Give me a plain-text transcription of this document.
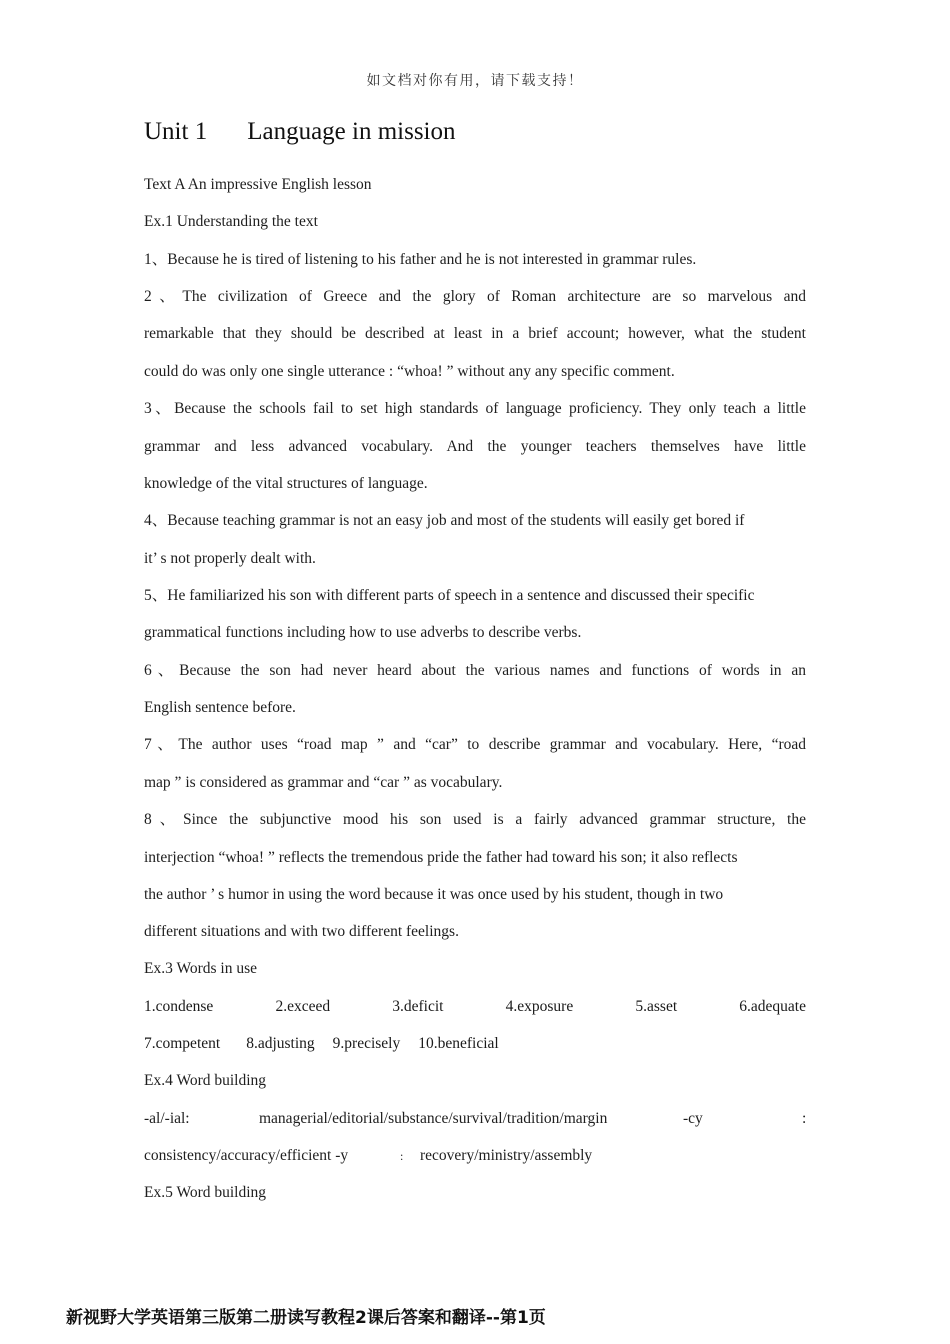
如文档对你有用，请下载支持！
Unit 1 Language in mission
Text A An impressive English lesson
Ex.1 Understanding the text
1、Because he is tired of listening to his father and he is not interested in grammar rules.
2、The civilization of Greece and the glory of Roman architecture are so marvelous and
remarkable that they should be described at least in a brief account; however, what the student
could do was only one single utterance : “whoa! ” without any any specific comment.
3、Because the schools fail to set high standards of language proficiency. They only teach a little
grammar and less advanced vocabulary. And the younger teachers themselves have little
knowledge of the vital structures of language.
4、Because teaching grammar is not an easy job and most of the students will easily get bored if
it’ s not properly dealt with.
5、He familiarized his son with different parts of speech in a sentence and discussed their specific
grammatical functions including how to use adverbs to describe verbs.
6、Because the son had never heard about the various names and functions of words in an
English sentence before.
7、The author uses “road map ” and “car” to describe grammar and vocabulary. Here, “road
map ” is considered as grammar and “car ” as vocabulary.
8、Since the subjunctive mood his son used is a fairly advanced grammar structure, the
interjection “whoa! ” reflects the tremendous pride the father had toward his son; it also reflects
the author ’ s humor in using the word because it was once used by his student, though in two
different situations and with two different feelings.
Ex.3 Words in use
1.condense	2.exceed	3.deficit	4.exposure	5.asset	6.adequate
7.competent 8.adjusting 9.precisely 10.beneficial
Ex.4 Word building
-al/-ial:	managerial/editorial/substance/survival/tradition/margin	-cy	:
consistency/accuracy/efficient -y	: recovery/ministry/assembly
Ex.5 Word building
新视野大学英语第三版第二册读写教程2课后答案和翻译--第1页
